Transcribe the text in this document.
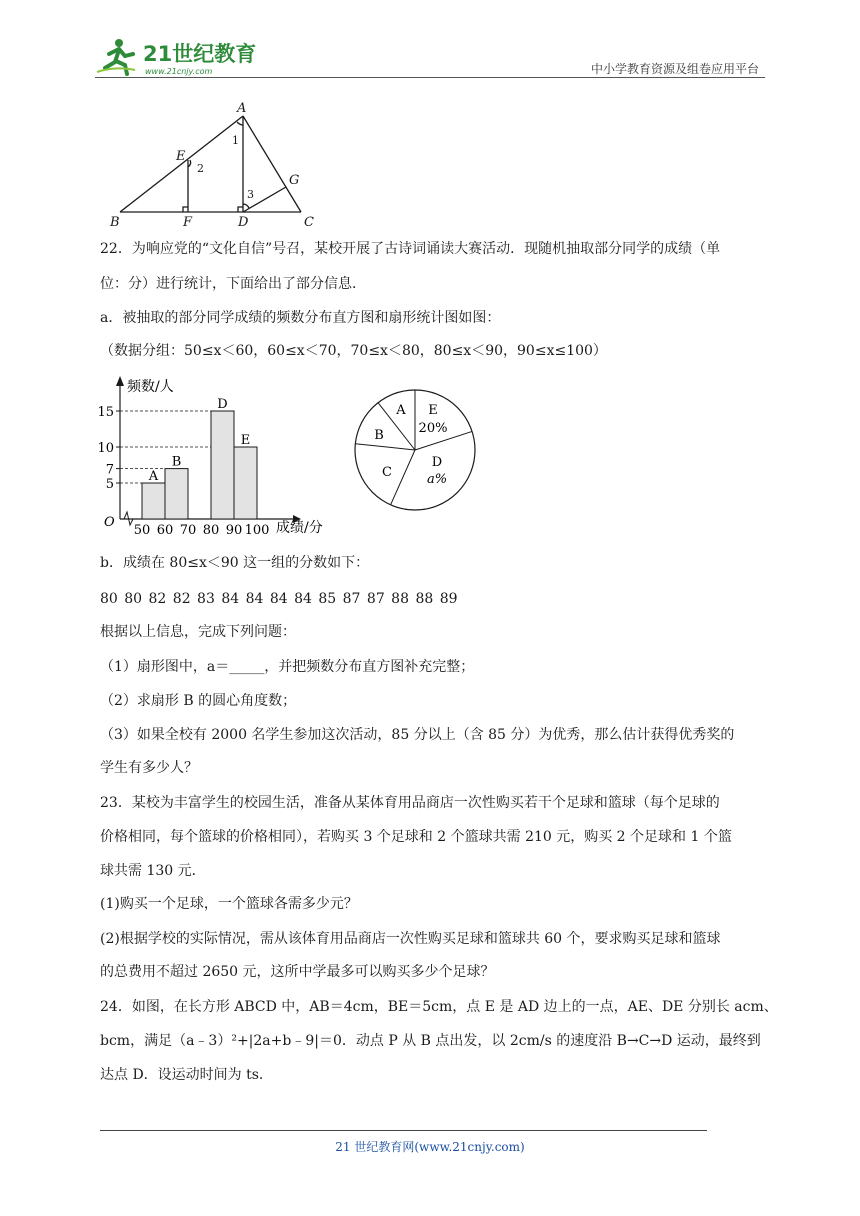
21世纪教育
www.21cnjy.com	中小学教育资源及组卷应用平台
A
E
G
B	F	D	C
1
2
3
22．为响应党的“文化自信”号召，某校开展了古诗词诵读大赛活动．现随机抽取部分同学的成绩（单
位：分）进行统计，下面给出了部分信息．
a．被抽取的部分同学成绩的频数分布直方图和扇形统计图如图：
（数据分组：50≤x＜60，60≤x＜70，70≤x＜80，80≤x＜90，90≤x≤100）
b．成绩在 80≤x＜90 这一组的分数如下：
80 80 82 82 83 84 84 84 84 85 87 87 88 88 89
根据以上信息，完成下列问题：
（1）扇形图中，a＝_____，并把频数分布直方图补充完整；
（2）求扇形 B 的圆心角度数；
（3）如果全校有 2000 名学生参加这次活动，85 分以上（含 85 分）为优秀，那么估计获得优秀奖的
学生有多少人？
23．某校为丰富学生的校园生活，准备从某体育用品商店一次性购买若干个足球和篮球（每个足球的
价格相同，每个篮球的价格相同），若购买 3 个足球和 2 个篮球共需 210 元，购买 2 个足球和 1 个篮
球共需 130 元．
(1)购买一个足球，一个篮球各需多少元？
(2)根据学校的实际情况，需从该体育用品商店一次性购买足球和篮球共 60 个，要求购买足球和篮球
的总费用不超过 2650 元，这所中学最多可以购买多少个足球？
24．如图，在长方形 ABCD 中，AB＝4cm，BE＝5cm，点 E 是 AD 边上的一点，AE、DE 分别长 acm、
bcm，满足（a﹣3）²+|2a+b﹣9|＝0．动点 P 从 B 点出发，以 2cm/s 的速度沿 B→C→D 运动，最终到
达点 D．设运动时间为 ts．
频数/人
成绩/分
O
5
7
10
15
50 60 70 80 90 100
A
B
D
E
A
B
C
D
a%
E
20%
21 世纪教育网(www.21cnjy.com)
